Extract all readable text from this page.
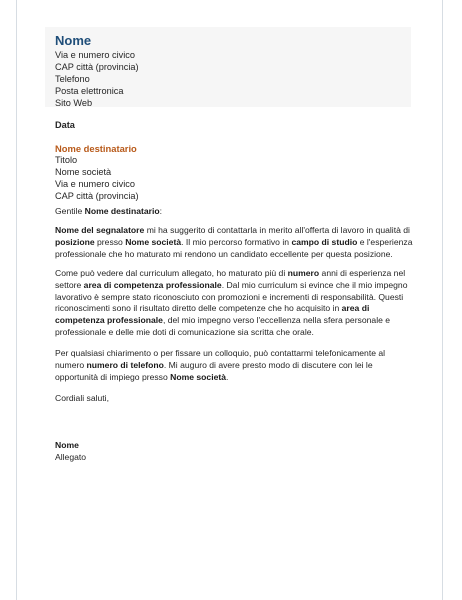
Nome
Via e numero civico
CAP città (provincia)
Telefono
Posta elettronica
Sito Web
Data
Nome destinatario
Titolo
Nome società
Via e numero civico
CAP città (provincia)
Gentile Nome destinatario:
Nome del segnalatore mi ha suggerito di contattarla in merito all'offerta di lavoro in qualità di posizione presso Nome società. Il mio percorso formativo in campo di studio e l'esperienza professionale che ho maturato mi rendono un candidato eccellente per questa posizione.
Come può vedere dal curriculum allegato, ho maturato più di numero anni di esperienza nel settore area di competenza professionale. Dal mio curriculum si evince che il mio impegno lavorativo è sempre stato riconosciuto con promozioni e incrementi di responsabilità. Questi riconoscimenti sono il risultato diretto delle competenze che ho acquisito in area di competenza professionale, del mio impegno verso l'eccellenza nella sfera personale e professionale e delle mie doti di comunicazione sia scritta che orale.
Per qualsiasi chiarimento o per fissare un colloquio, può contattarmi telefonicamente al numero numero di telefono. Mi auguro di avere presto modo di discutere con lei le opportunità di impiego presso Nome società.
Cordiali saluti,
Nome
Allegato
